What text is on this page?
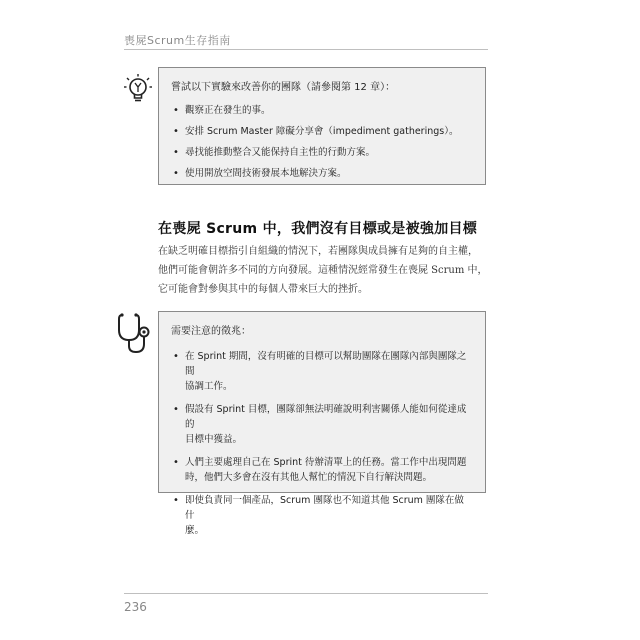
喪屍Scrum生存指南

嘗試以下實驗來改善你的團隊（請參閱第 12 章）：

• 觀察正在發生的事。
• 安排 Scrum Master 障礙分享會（impediment gatherings）。
• 尋找能推動整合又能保持自主性的行動方案。
• 使用開放空間技術發展本地解決方案。
在喪屍 Scrum 中，我們沒有目標或是被強加目標
在缺乏明確目標指引自組織的情況下，若團隊與成員擁有足夠的自主權，
他們可能會朝許多不同的方向發展。這種情況經常發生在喪屍 Scrum 中，
它可能會對參與其中的每個人帶來巨大的挫折。

需要注意的徵兆：

• 在 Sprint 期間，沒有明確的目標可以幫助團隊在團隊內部與團隊之間
協調工作。
• 假設有 Sprint 目標，團隊卻無法明確說明利害關係人能如何從達成的
目標中獲益。
• 人們主要處理自己在 Sprint 待辦清單上的任務。當工作中出現問題
時，他們大多會在沒有其他人幫忙的情況下自行解決問題。
• 即使負責同一個產品，Scrum 團隊也不知道其他 Scrum 團隊在做什
麼。
236
